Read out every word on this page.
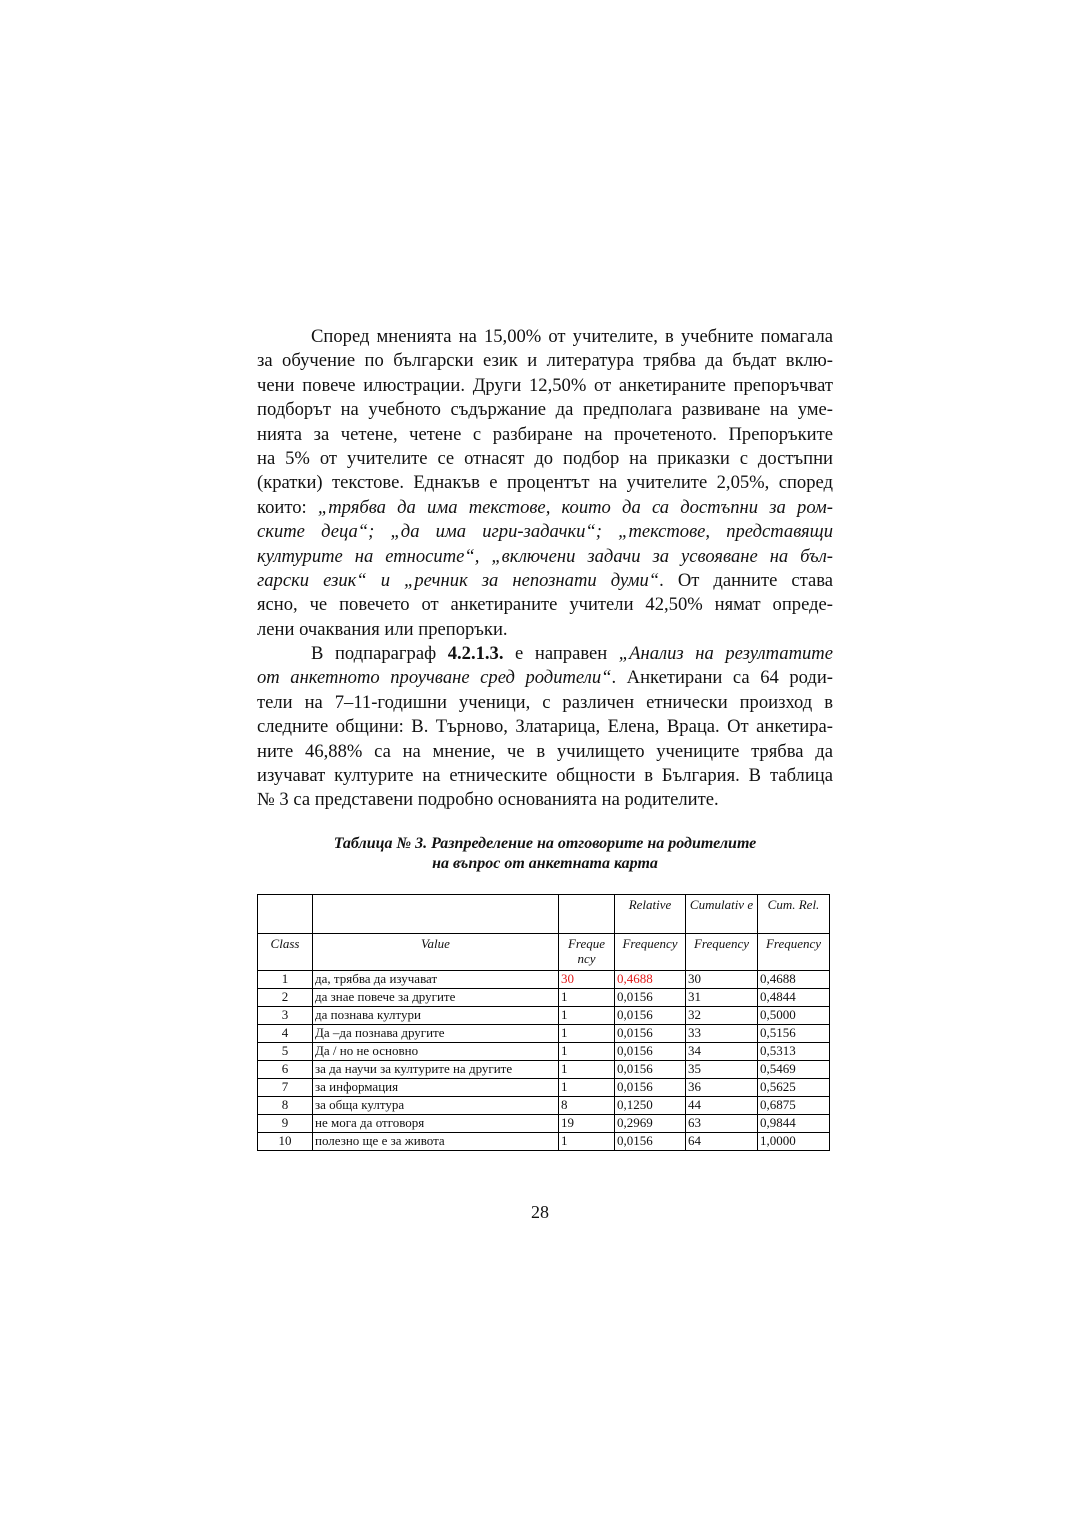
Според мненията на 15,00% от учителите, в учебните помагала
за обучение по български език и литература трябва да бъдат вклю-
чени повече илюстрации. Други 12,50% от анкетираните препоръчват
подборът на учебното съдържание да предполага развиване на уме-
нията за четене, четене с разбиране на прочетеното. Препоръките
на 5% от учителите се отнасят до подбор на приказки с достъпни
(кратки) текстове. Еднакъв е процентът на учителите 2,05%, според
които: „трябва да има текстове, които да са достъпни за ром-
ските деца“; „да има игри-задачки“; „текстове, представящи
културите на етносите“, „включени задачи за усвояване на бъл-
гарски език“ и „речник за непознати думи“. От данните става
ясно, че повечето от анкетираните учители 42,50% нямат опреде-
лени очаквания или препоръки.
В подпараграф 4.2.1.3. е направен „Анализ на резултатите
от анкетното проучване сред родители“. Анкетирани са 64 роди-
тели на 7–11-годишни ученици, с различен етнически произход в
следните общини: В. Търново, Златарица, Елена, Враца. От анкетира-
ните 46,88% са на мнение, че в училището учениците трябва да
изучават културите на етническите общности в България. В таблица
№ 3 са представени подробно основанията на родителите.
Таблица № 3. Разпределение на отговорите на родителите
на въпрос от анкетната карта
			Relative	Cumulativ e	Cum. Rel.
Class	Value	Freque ncy	Frequency	Frequency	Frequency
1	да, трябва да изучават	30	0,4688	30	0,4688
2	да знае повече за другите	1	0,0156	31	0,4844
3	да познава култури	1	0,0156	32	0,5000
4	Да –да познава другите	1	0,0156	33	0,5156
5	Да / но не основно	1	0,0156	34	0,5313
6	за да научи за културите на другите	1	0,0156	35	0,5469
7	за информация	1	0,0156	36	0,5625
8	за обща култура	8	0,1250	44	0,6875
9	не мога да отговоря	19	0,2969	63	0,9844
10	полезно ще е за живота	1	0,0156	64	1,0000
28
